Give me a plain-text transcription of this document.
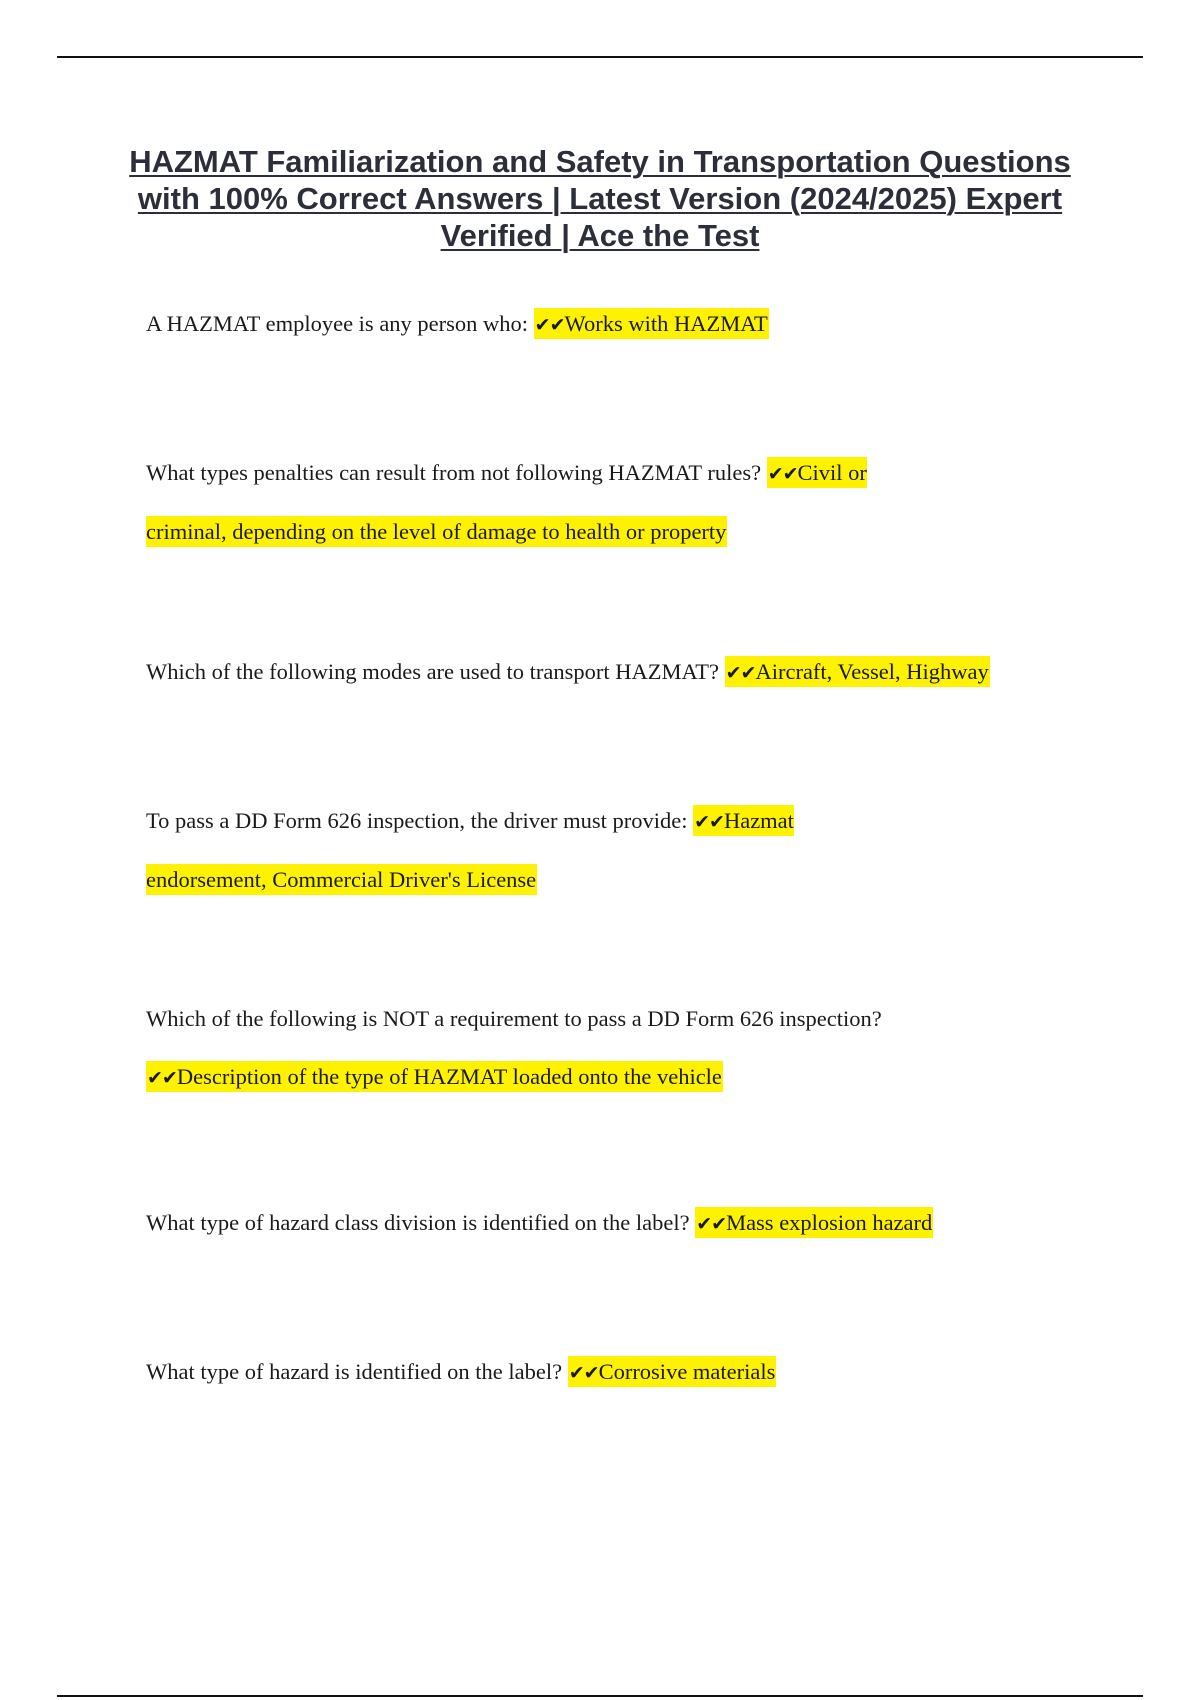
HAZMAT Familiarization and Safety in Transportation Questions with 100% Correct Answers | Latest Version (2024/2025) Expert Verified | Ace the Test

A HAZMAT employee is any person who: ✔✔Works with HAZMAT

What types penalties can result from not following HAZMAT rules? ✔✔Civil or criminal, depending on the level of damage to health or property

Which of the following modes are used to transport HAZMAT? ✔✔Aircraft, Vessel, Highway

To pass a DD Form 626 inspection, the driver must provide: ✔✔Hazmat endorsement, Commercial Driver's License

Which of the following is NOT a requirement to pass a DD Form 626 inspection? ✔✔Description of the type of HAZMAT loaded onto the vehicle

What type of hazard class division is identified on the label? ✔✔Mass explosion hazard

What type of hazard is identified on the label? ✔✔Corrosive materials
